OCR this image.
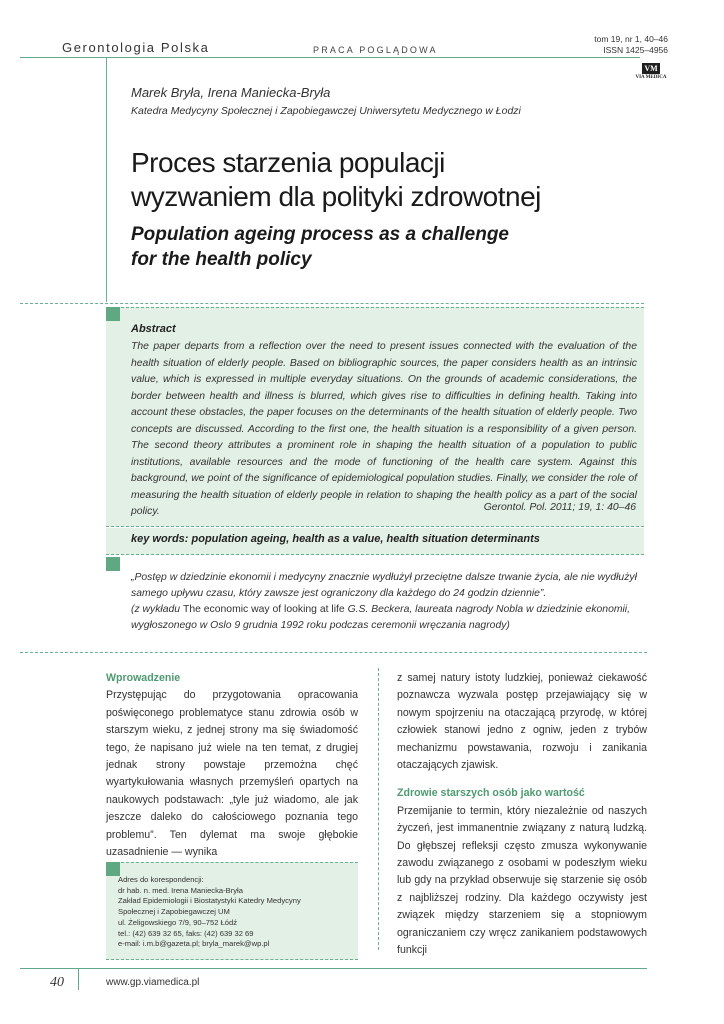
Gerontologia Polska	PRACA POGLĄDOWA
tom 19, nr 1, 40–46
ISSN 1425–4956
VM
VIA MEDICA
Marek Bryła, Irena Maniecka-Bryła
Katedra Medycyny Społecznej i Zapobiegawczej Uniwersytetu Medycznego w Łodzi
Proces starzenia populacji
wyzwaniem dla polityki zdrowotnej
Population ageing process as a challenge
for the health policy
Abstract
The paper departs from a reflection over the need to present issues connected with the evaluation of the health situation of elderly people. Based on bibliographic sources, the paper considers health as an intrinsic value, which is expressed in multiple everyday situations. On the grounds of academic considerations, the border between health and illness is blurred, which gives rise to difficulties in defining health. Taking into account these obstacles, the paper focuses on the determinants of the health situation of elderly people. Two concepts are discussed. According to the first one, the health situation is a responsibility of a given person. The second theory attributes a prominent role in shaping the health situation of a population to public institutions, available resources and the mode of functioning of the health care system. Against this background, we point of the significance of epidemiological population studies. Finally, we consider the role of measuring the health situation of elderly people in relation to shaping the health policy as a part of the social policy.	Gerontol. Pol. 2011; 19, 1: 40–46
key words: population ageing, health as a value, health situation determinants
„Postęp w dziedzinie ekonomii i medycyny znacznie wydłużył przeciętne dalsze trwanie życia, ale nie wydłużył samego upływu czasu, który zawsze jest ograniczony dla każdego do 24 godzin dziennie”.
(z wykładu The economic way of looking at life G.S. Beckera, laureata nagrody Nobla w dziedzinie ekonomii, wygłoszonego w Oslo 9 grudnia 1992 roku podczas ceremonii wręczania nagrody)
Wprowadzenie
Przystępując do przygotowania opracowania poświęconego problematyce stanu zdrowia osób w starszym wieku, z jednej strony ma się świadomość tego, że napisano już wiele na ten temat, z drugiej jednak strony powstaje przemożna chęć wyartykułowania własnych przemyśleń opartych na naukowych podstawach: „tyle już wiadomo, ale jak jeszcze daleko do całościowego poznania tego problemu”. Ten dylemat ma swoje głębokie uzasadnienie — wynika
z samej natury istoty ludzkiej, ponieważ ciekawość poznawcza wyzwala postęp przejawiający się w nowym spojrzeniu na otaczającą przyrodę, w której człowiek stanowi jedno z ogniw, jeden z trybów mechanizmu powstawania, rozwoju i zanikania otaczających zjawisk.
Zdrowie starszych osób jako wartość
Przemijanie to termin, który niezależnie od naszych życzeń, jest immanentnie związany z naturą ludzką. Do głębszej refleksji często zmusza wykonywanie zawodu związanego z osobami w podeszłym wieku lub gdy na przykład obserwuje się starzenie się osób z najbliższej rodziny. Dla każdego oczywisty jest związek między starzeniem się a stopniowym ograniczaniem czy wręcz zanikaniem podstawowych funkcji
Adres do korespondencji:
dr hab. n. med. Irena Maniecka-Bryła
Zakład Epidemiologii i Biostatystyki Katedry Medycyny
Społecznej i Zapobiegawczej UM
ul. Żeligowskiego 7/9, 90–752 Łódź
tel.: (42) 639 32 65, faks: (42) 639 32 69
e-mail: i.m.b@gazeta.pl; bryla_marek@wp.pl
40	www.gp.viamedica.pl
